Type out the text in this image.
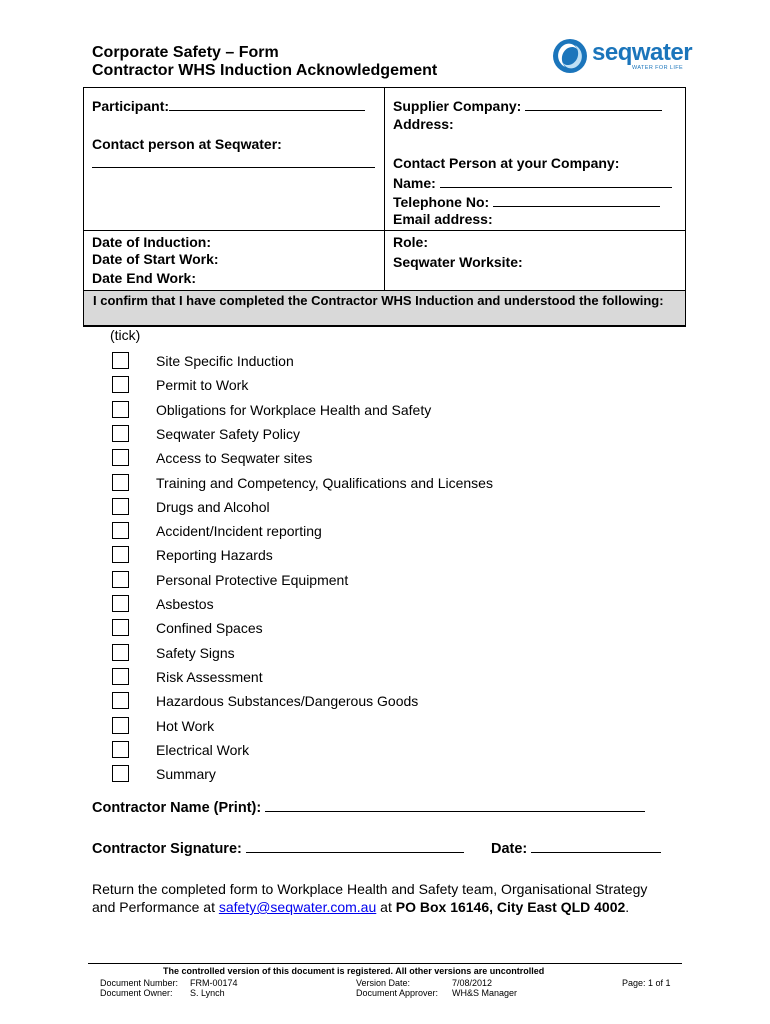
Corporate Safety – Form
Contractor WHS Induction Acknowledgement
seqwater
WATER FOR LIFE
Participant:
Contact person at Seqwater:
Supplier Company:
Address:
Contact Person at your Company:
Name:
Telephone No:
Email address:
Date of Induction:
Date of Start Work:
Date End Work:
Role:
Seqwater Worksite:
I confirm that I have completed the Contractor WHS Induction and understood the following:
(tick)
Site Specific Induction
Permit to Work
Obligations for Workplace Health and Safety
Seqwater Safety Policy
Access to Seqwater sites
Training and Competency, Qualifications and Licenses
Drugs and Alcohol
Accident/Incident reporting
Reporting Hazards
Personal Protective Equipment
Asbestos
Confined Spaces
Safety Signs
Risk Assessment
Hazardous Substances/Dangerous Goods
Hot Work
Electrical Work
Summary
Contractor Name (Print):
Contractor Signature:	Date:
Return the completed form to Workplace Health and Safety team, Organisational Strategy
and Performance at safety@seqwater.com.au at PO Box 16146, City East QLD 4002.
The controlled version of this document is registered. All other versions are uncontrolled
Document Number: FRM-00174
Document Owner: S. Lynch
Version Date:	7/08/2012
Document Approver: WH&S Manager
Page: 1 of 1
